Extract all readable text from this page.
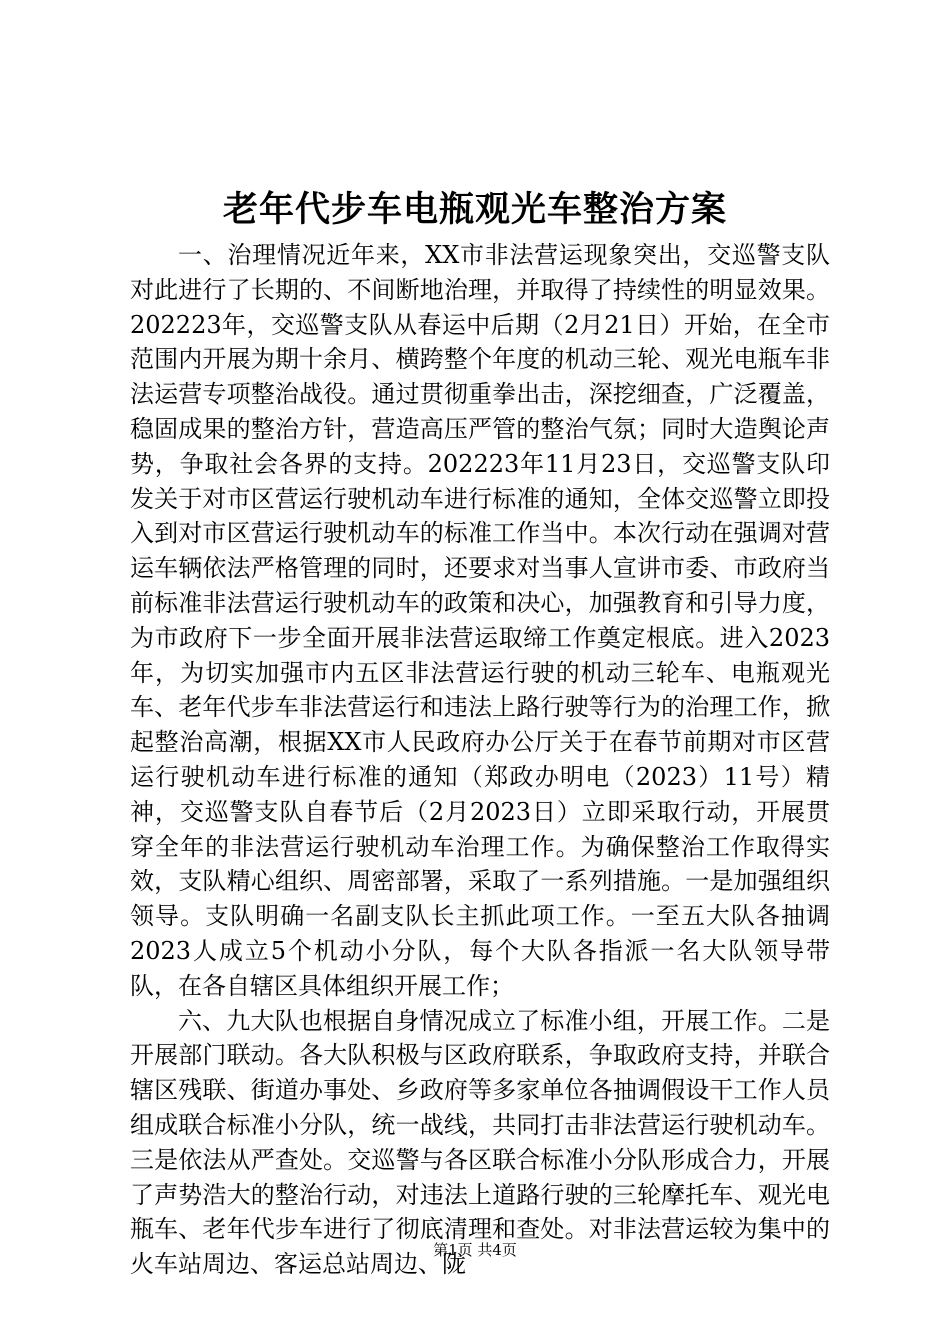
老年代步车电瓶观光车整治方案

一、治理情况近年来，XX市非法营运现象突出，交巡警支队对此进行了长期的、不间断地治理，并取得了持续性的明显效果。202223年，交巡警支队从春运中后期（2月21日）开始，在全市范围内开展为期十余月、横跨整个年度的机动三轮、观光电瓶车非法运营专项整治战役。通过贯彻重拳出击，深挖细查，广泛覆盖，稳固成果的整治方针，营造高压严管的整治气氛；同时大造舆论声势，争取社会各界的支持。202223年11月23日，交巡警支队印发关于对市区营运行驶机动车进行标准的通知，全体交巡警立即投入到对市区营运行驶机动车的标准工作当中。本次行动在强调对营运车辆依法严格管理的同时，还要求对当事人宣讲市委、市政府当前标准非法营运行驶机动车的政策和决心，加强教育和引导力度，为市政府下一步全面开展非法营运取缔工作奠定根底。进入2023年，为切实加强市内五区非法营运行驶的机动三轮车、电瓶观光车、老年代步车非法营运行和违法上路行驶等行为的治理工作，掀起整治高潮，根据XX市人民政府办公厅关于在春节前期对市区营运行驶机动车进行标准的通知（郑政办明电（2023）11号）精神，交巡警支队自春节后（2月2023日）立即采取行动，开展贯穿全年的非法营运行驶机动车治理工作。为确保整治工作取得实效，支队精心组织、周密部署，采取了一系列措施。一是加强组织领导。支队明确一名副支队长主抓此项工作。一至五大队各抽调2023人成立5个机动小分队，每个大队各指派一名大队领导带队，在各自辖区具体组织开展工作；

六、九大队也根据自身情况成立了标准小组，开展工作。二是开展部门联动。各大队积极与区政府联系，争取政府支持，并联合辖区残联、街道办事处、乡政府等多家单位各抽调假设干工作人员组成联合标准小分队，统一战线，共同打击非法营运行驶机动车。三是依法从严查处。交巡警与各区联合标准小分队形成合力，开展了声势浩大的整治行动，对违法上道路行驶的三轮摩托车、观光电瓶车、老年代步车进行了彻底清理和查处。对非法营运较为集中的火车站周边、客运总站周边、陇

第1页 共4页
